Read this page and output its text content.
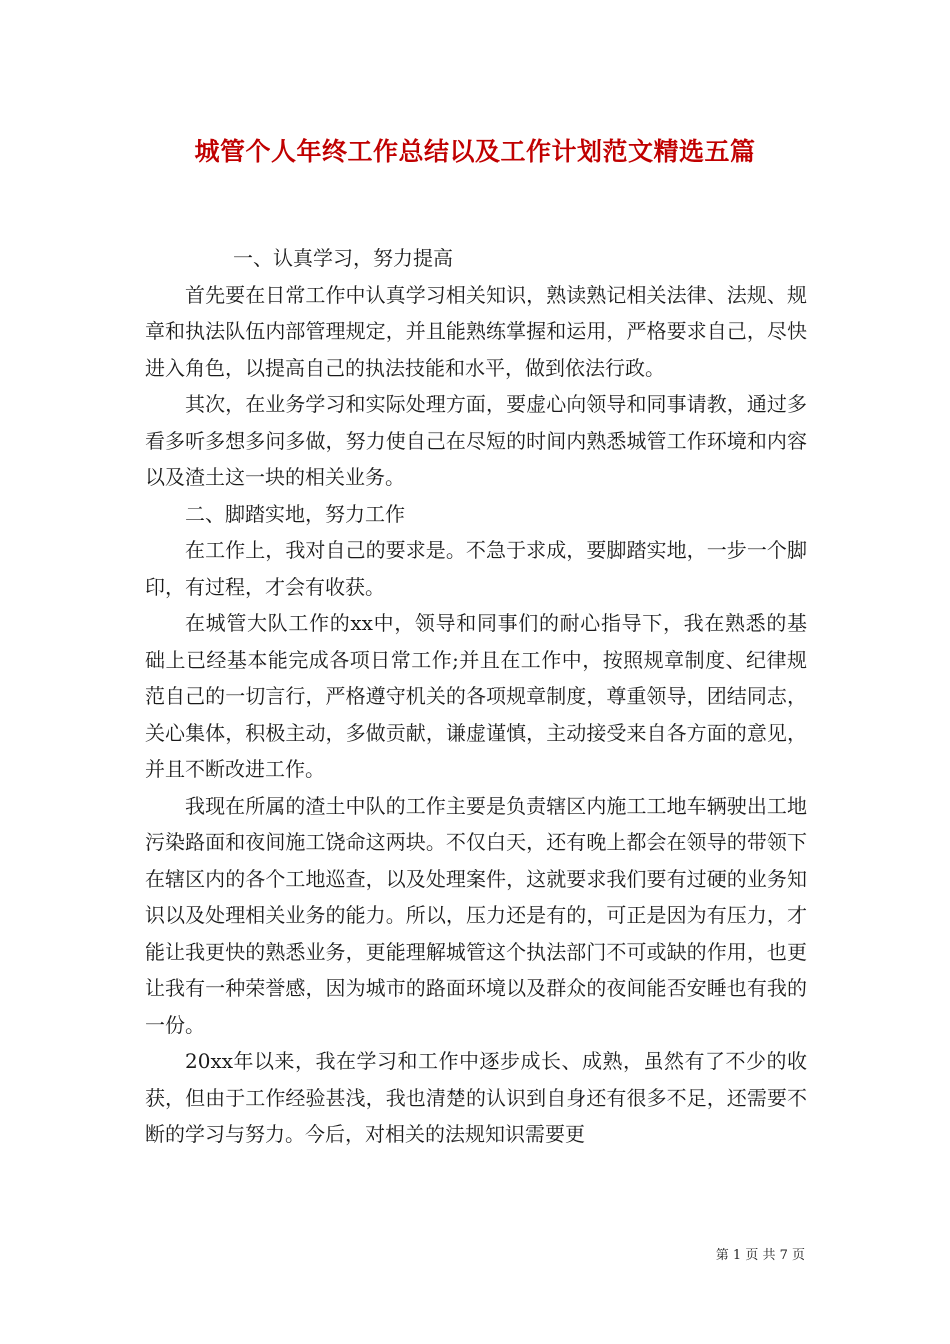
城管个人年终工作总结以及工作计划范文精选五篇

一、认真学习，努力提高

首先要在日常工作中认真学习相关知识，熟读熟记相关法律、法规、规章和执法队伍内部管理规定，并且能熟练掌握和运用，严格要求自己，尽快进入角色，以提高自己的执法技能和水平，做到依法行政。

其次，在业务学习和实际处理方面，要虚心向领导和同事请教，通过多看多听多想多问多做，努力使自己在尽短的时间内熟悉城管工作环境和内容以及渣土这一块的相关业务。

二、脚踏实地，努力工作

在工作上，我对自己的要求是。不急于求成，要脚踏实地，一步一个脚印，有过程，才会有收获。

在城管大队工作的xx中，领导和同事们的耐心指导下，我在熟悉的基础上已经基本能完成各项日常工作;并且在工作中，按照规章制度、纪律规范自己的一切言行，严格遵守机关的各项规章制度，尊重领导，团结同志，关心集体，积极主动，多做贡献，谦虚谨慎，主动接受来自各方面的意见，并且不断改进工作。

我现在所属的渣土中队的工作主要是负责辖区内施工工地车辆驶出工地污染路面和夜间施工饶命这两块。不仅白天，还有晚上都会在领导的带领下在辖区内的各个工地巡查，以及处理案件，这就要求我们要有过硬的业务知识以及处理相关业务的能力。所以，压力还是有的，可正是因为有压力，才能让我更快的熟悉业务，更能理解城管这个执法部门不可或缺的作用，也更让我有一种荣誉感，因为城市的路面环境以及群众的夜间能否安睡也有我的一份。

20xx年以来，我在学习和工作中逐步成长、成熟，虽然有了不少的收获，但由于工作经验甚浅，我也清楚的认识到自身还有很多不足，还需要不断的学习与努力。今后，对相关的法规知识需要更

第 1 页 共 7 页
